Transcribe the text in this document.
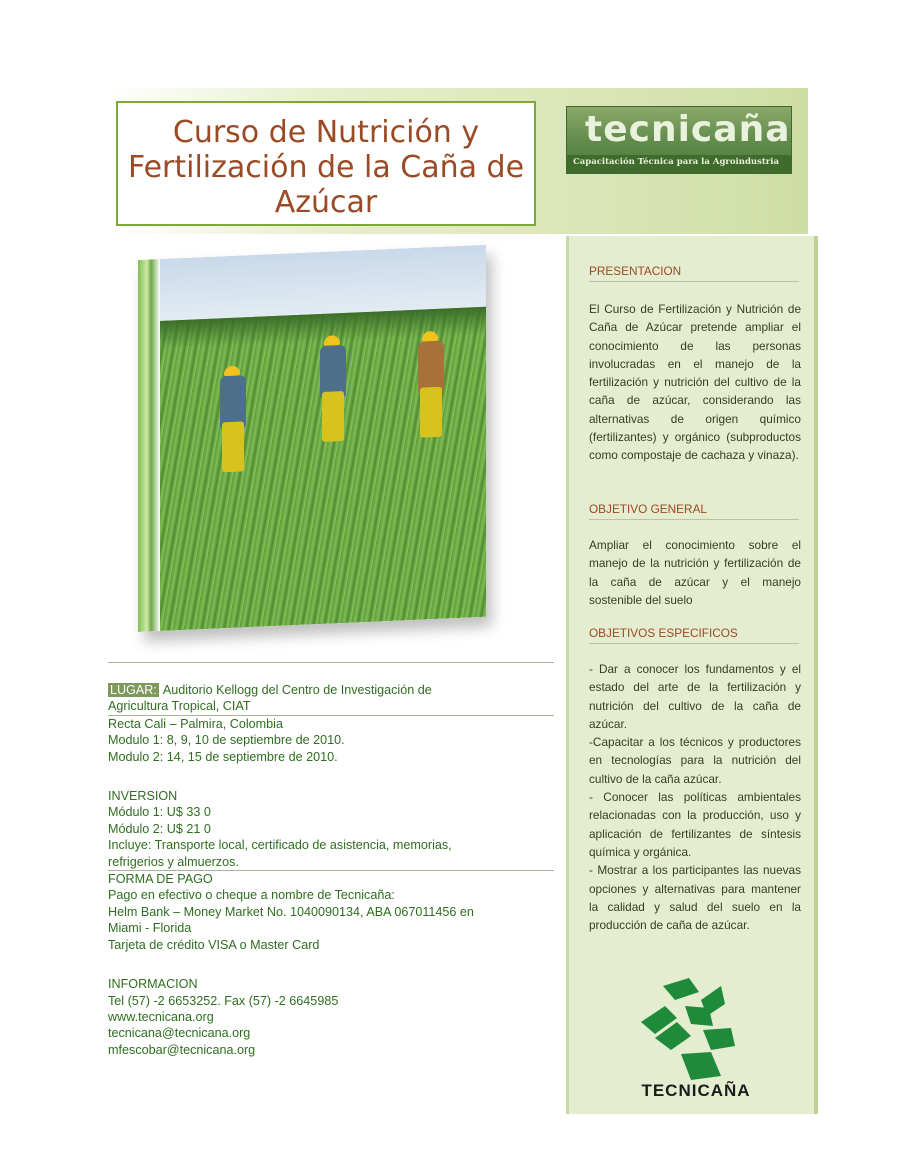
Curso de Nutrición y Fertilización de la Caña de Azúcar
tecnicaña
Capacitación Técnica para la Agroindustria
LUGAR: Auditorio Kellogg del Centro de Investigación de
Agricultura Tropical, CIAT
Recta Cali – Palmira, Colombia
Modulo 1: 8, 9, 10 de septiembre de 2010.
Modulo 2: 14, 15 de septiembre de 2010.
INVERSION
Módulo 1: U$ 33 0
Módulo 2: U$ 21 0
Incluye: Transporte local, certificado de asistencia, memorias,
refrigerios y almuerzos.
FORMA DE PAGO
Pago en efectivo o cheque a nombre de Tecnicaña:
Helm Bank – Money Market No. 1040090134, ABA 067011456 en
Miami - Florida
Tarjeta de crédito VISA o Master Card
INFORMACION
Tel (57) -2 6653252. Fax (57) -2 6645985
www.tecnicana.org
tecnicana@tecnicana.org
mfescobar@tecnicana.org
PRESENTACION
El Curso de Fertilización y Nutrición de Caña de Azúcar pretende ampliar el conocimiento de las personas involucradas en el manejo de la fertilización y nutrición del cultivo de la caña de azúcar, considerando las alternativas de origen químico (fertilizantes) y orgánico (subproductos como compostaje de cachaza y vinaza).
OBJETIVO GENERAL
Ampliar el conocimiento sobre el manejo de la nutrición y fertilización de la caña de azúcar y el manejo sostenible del suelo
OBJETIVOS ESPECIFICOS
- Dar a conocer los fundamentos y el estado del arte de la fertilización y nutrición del cultivo de la caña de azúcar.
-Capacitar a los técnicos y productores en tecnologías para la nutrición del cultivo de la caña azúcar.
- Conocer las políticas ambientales relacionadas con la producción, uso y aplicación de fertilizantes de síntesis química y orgánica.
- Mostrar a los participantes las nuevas opciones y alternativas para mantener la calidad y salud del suelo en la producción de caña de azúcar.
TECNICAÑA
